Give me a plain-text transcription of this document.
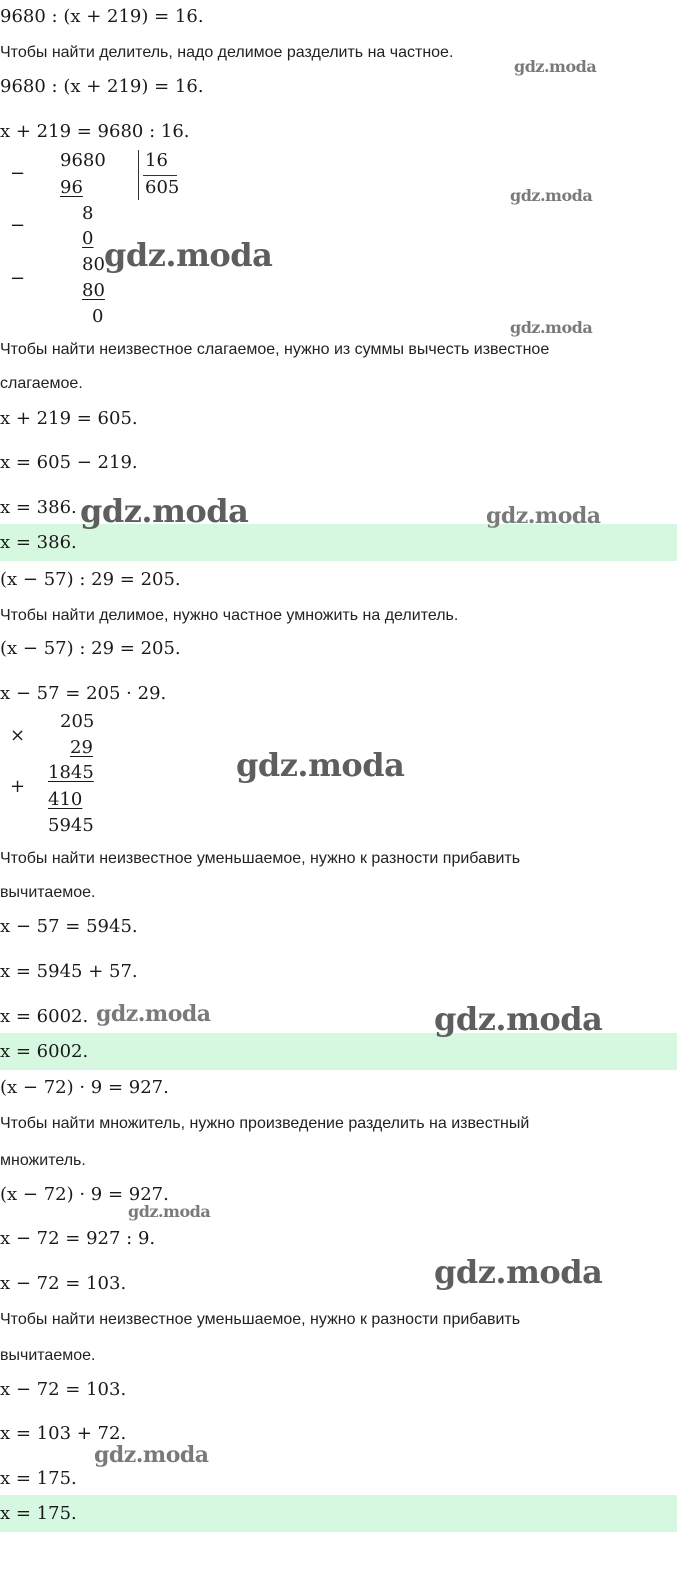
9680 : (x + 219) = 16.
Чтобы найти делитель, надо делимое разделить на частное.
9680 : (x + 219) = 16.
x + 219 = 9680 : 16.
−
9680 16
96	605
−
8
0
−
80
80
0
Чтобы найти неизвестное слагаемое, нужно из суммы вычесть известное
слагаемое.
x + 219 = 605.
x = 605 − 219.
x = 386.
x = 386.
(x − 57) : 29 = 205.
Чтобы найти делимое, нужно частное умножить на делитель.
(x − 57) : 29 = 205.
x − 57 = 205 · 29.
205
×
29
1845
+
410
5945
Чтобы найти неизвестное уменьшаемое, нужно к разности прибавить
вычитаемое.
x − 57 = 5945.
x = 5945 + 57.
x = 6002.
x = 6002.
(x − 72) · 9 = 927.
Чтобы найти множитель, нужно произведение разделить на известный
множитель.
(x − 72) · 9 = 927.
x − 72 = 927 : 9.
x − 72 = 103.
Чтобы найти неизвестное уменьшаемое, нужно к разности прибавить
вычитаемое.
x − 72 = 103.
x = 103 + 72.
x = 175.
x = 175.
gdz.moda
gdz.moda
gdz.moda
gdz.moda
gdz.moda	gdz.moda
gdz.moda
gdz.moda	gdz.moda
gdz.moda
gdz.moda
gdz.moda
